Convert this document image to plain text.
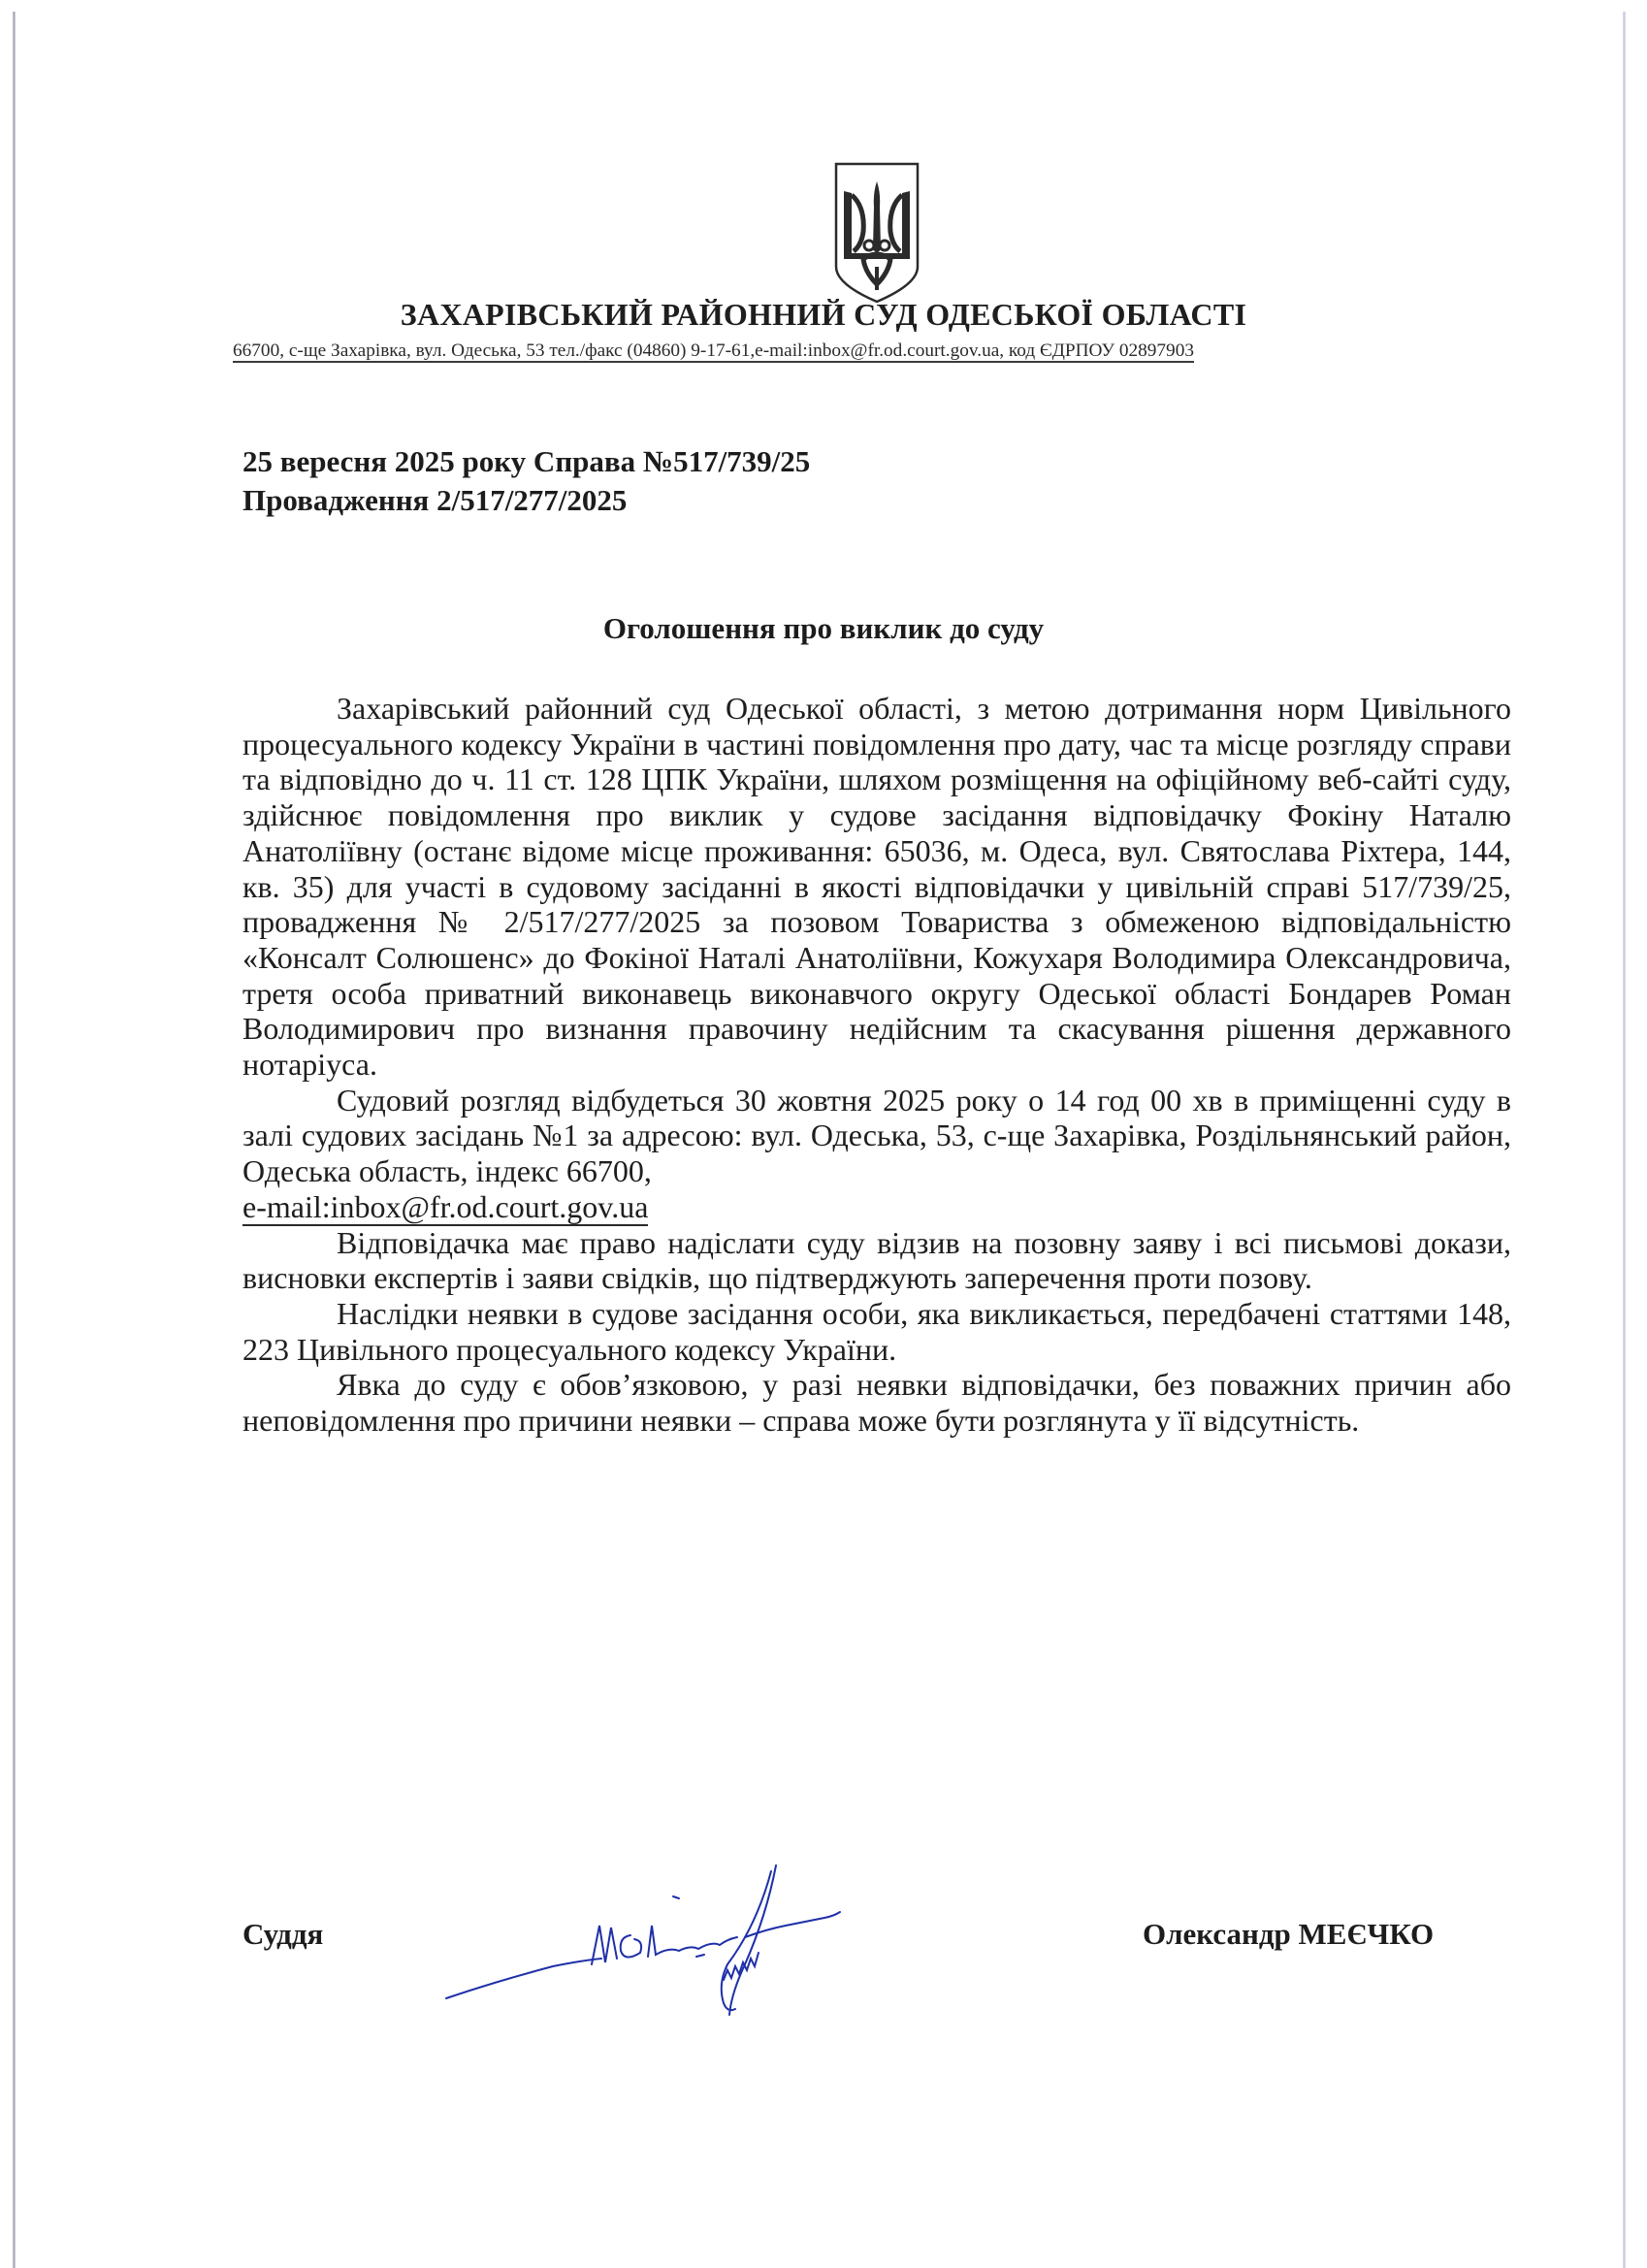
ЗАХАРІВСЬКИЙ РАЙОННИЙ СУД ОДЕСЬКОЇ ОБЛАСТІ
66700, с-ще Захарівка, вул. Одеська, 53 тел./факс (04860) 9-17-61,e-mail:inbox@fr.od.court.gov.ua, код ЄДРПОУ 02897903
25 вересня 2025 року Справа №517/739/25
Провадження 2/517/277/2025
Оголошення про виклик до суду

Захарівський районний суд Одеської області, з метою дотримання норм Цивільного процесуального кодексу України в частині повідомлення про дату, час та місце розгляду справи та відповідно до ч. 11 ст. 128 ЦПК України, шляхом розміщення на офіційному веб-сайті суду, здійснює повідомлення про виклик у судове засідання відповідачку Фокіну Наталю Анатоліївну (останє відоме місце проживання: 65036, м. Одеса, вул. Святослава Ріхтера, 144, кв. 35) для участі в судовому засіданні в якості відповідачки у цивільній справі 517/739/25, провадження № 2/517/277/2025 за позовом Товариства з обмеженою відповідальністю «Консалт Солюшенс» до Фокіної Наталі Анатоліївни, Кожухаря Володимира Олександровича, третя особа приватний виконавець виконавчого округу Одеської області Бондарев Роман Володимирович про визнання правочину недійсним та скасування рішення державного нотаріуса.

Судовий розгляд відбудеться 30 жовтня 2025 року о 14 год 00 хв в приміщенні суду в залі судових засідань №1 за адресою: вул. Одеська, 53, с-ще Захарівка, Роздільнянський район, Одеська область, індекс 66700,
e-mail:inbox@fr.od.court.gov.ua

Відповідачка має право надіслати суду відзив на позовну заяву і всі письмові докази, висновки експертів і заяви свідків, що підтверджують заперечення проти позову.

Наслідки неявки в судове засідання особи, яка викликається, передбачені статтями 148, 223 Цивільного процесуального кодексу України.

Явка до суду є обов’язковою, у разі неявки відповідачки, без поважних причин або неповідомлення про причини неявки – справа може бути розглянута у її відсутність.

Суддя	Олександр МЕЄЧКО
